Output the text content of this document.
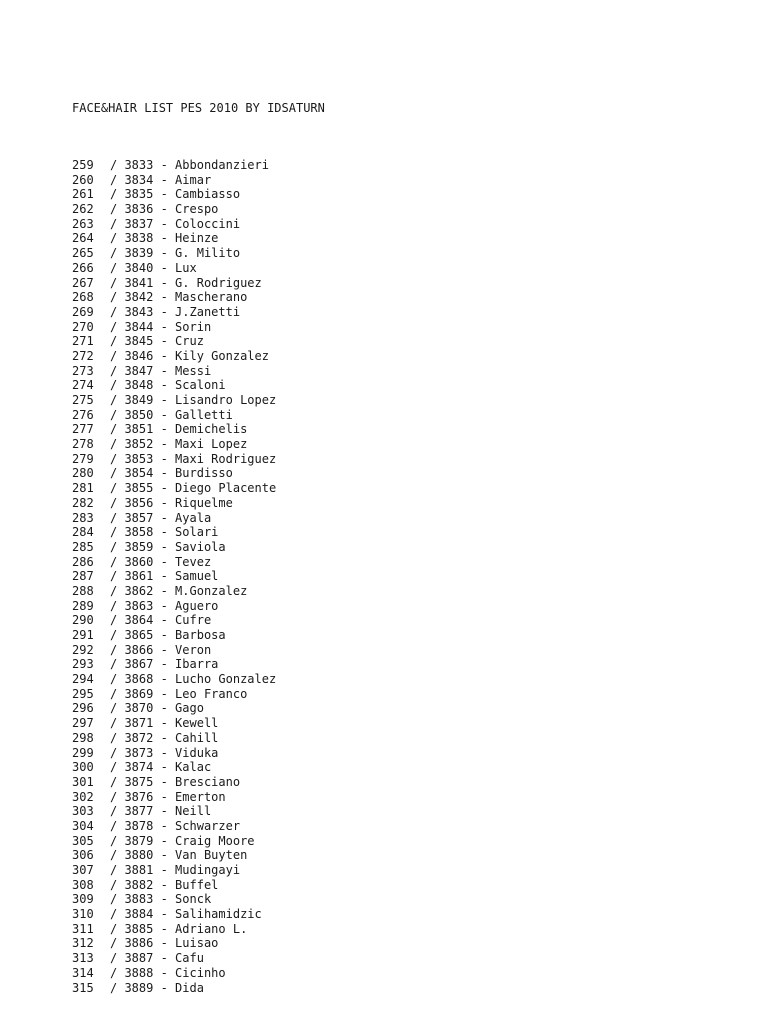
FACE&HAIR LIST PES 2010 BY IDSATURN

259	/ 3833 - Abbondanzieri
260	/ 3834 - Aimar
261	/ 3835 - Cambiasso
262	/ 3836 - Crespo
263	/ 3837 - Coloccini
264	/ 3838 - Heinze
265	/ 3839 - G. Milito
266	/ 3840 - Lux
267	/ 3841 - G. Rodriguez
268	/ 3842 - Mascherano
269	/ 3843 - J.Zanetti
270	/ 3844 - Sorin
271	/ 3845 - Cruz
272	/ 3846 - Kily Gonzalez
273	/ 3847 - Messi
274	/ 3848 - Scaloni
275	/ 3849 - Lisandro Lopez
276	/ 3850 - Galletti
277	/ 3851 - Demichelis
278	/ 3852 - Maxi Lopez
279	/ 3853 - Maxi Rodriguez
280	/ 3854 - Burdisso
281	/ 3855 - Diego Placente
282	/ 3856 - Riquelme
283	/ 3857 - Ayala
284	/ 3858 - Solari
285	/ 3859 - Saviola
286	/ 3860 - Tevez
287	/ 3861 - Samuel
288	/ 3862 - M.Gonzalez
289	/ 3863 - Aguero
290	/ 3864 - Cufre
291	/ 3865 - Barbosa
292	/ 3866 - Veron
293	/ 3867 - Ibarra
294	/ 3868 - Lucho Gonzalez
295	/ 3869 - Leo Franco
296	/ 3870 - Gago
297	/ 3871 - Kewell
298	/ 3872 - Cahill
299	/ 3873 - Viduka
300	/ 3874 - Kalac
301	/ 3875 - Bresciano
302	/ 3876 - Emerton
303	/ 3877 - Neill
304	/ 3878 - Schwarzer
305	/ 3879 - Craig Moore
306	/ 3880 - Van Buyten
307	/ 3881 - Mudingayi
308	/ 3882 - Buffel
309	/ 3883 - Sonck
310	/ 3884 - Salihamidzic
311	/ 3885 - Adriano L.
312	/ 3886 - Luisao
313	/ 3887 - Cafu
314	/ 3888 - Cicinho
315	/ 3889 - Dida
